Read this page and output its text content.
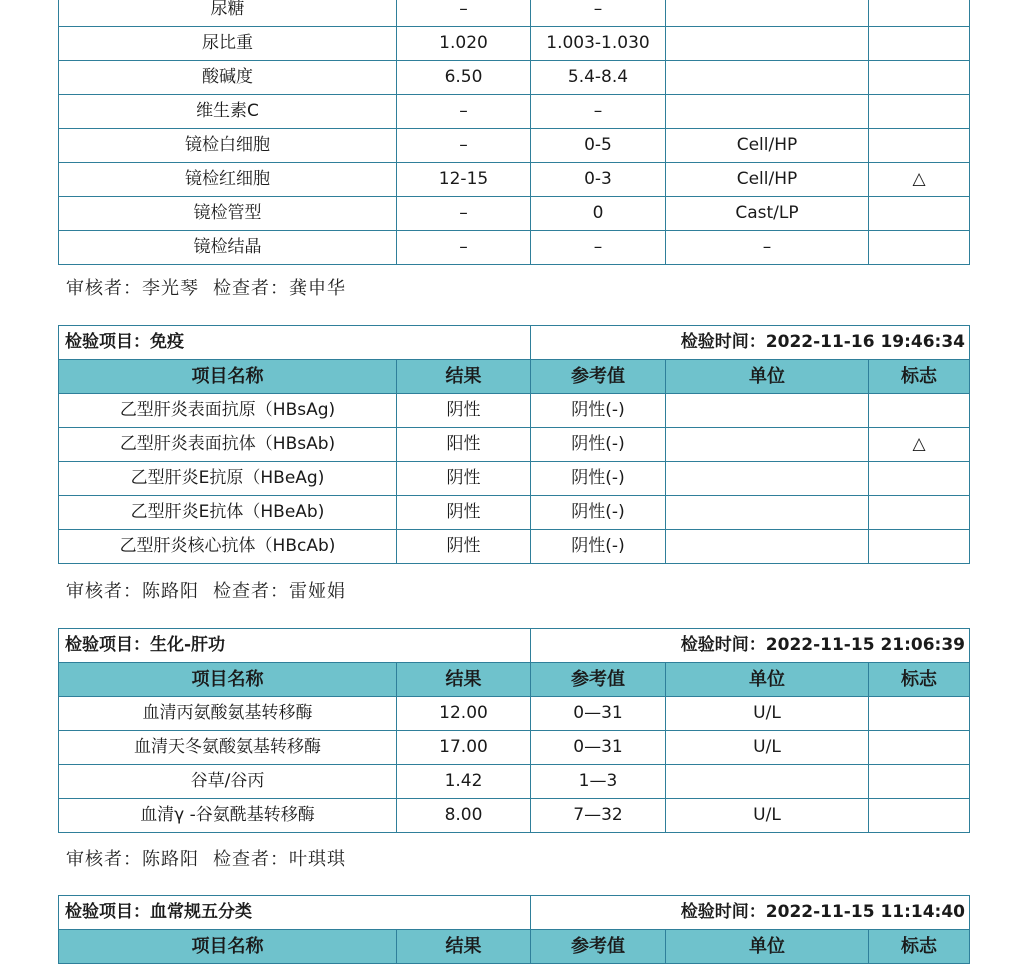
尿糖	–	–		
尿比重	1.020	1.003-1.030		
酸碱度	6.50	5.4-8.4		
维生素C	–	–		
镜检白细胞	–	0-5	Cell/HP	
镜检红细胞	12-15	0-3	Cell/HP	△
镜检管型	–	0	Cast/LP	
镜检结晶	–	–	–	
审核者：李光琴 检查者：龚申华
检验项目：免疫		检验时间：2022-11-16 19:46:34		
项目名称	结果	参考值	单位	标志
乙型肝炎表面抗原（HBsAg)	阴性	阴性(-)		
乙型肝炎表面抗体（HBsAb)	阳性	阴性(-)		△
乙型肝炎E抗原（HBeAg)	阴性	阴性(-)		
乙型肝炎E抗体（HBeAb)	阴性	阴性(-)		
乙型肝炎核心抗体（HBcAb)	阴性	阴性(-)		
审核者：陈路阳 检查者：雷娅娟
检验项目：生化-肝功		检验时间：2022-11-15 21:06:39		
项目名称	结果	参考值	单位	标志
血清丙氨酸氨基转移酶	12.00	0—31	U/L	
血清天冬氨酸氨基转移酶	17.00	0—31	U/L	
谷草/谷丙	1.42	1—3		
血清γ -谷氨酰基转移酶	8.00	7—32	U/L	
审核者：陈路阳 检查者：叶琪琪
检验项目：血常规五分类		检验时间：2022-11-15 11:14:40		
项目名称	结果	参考值	单位	标志
